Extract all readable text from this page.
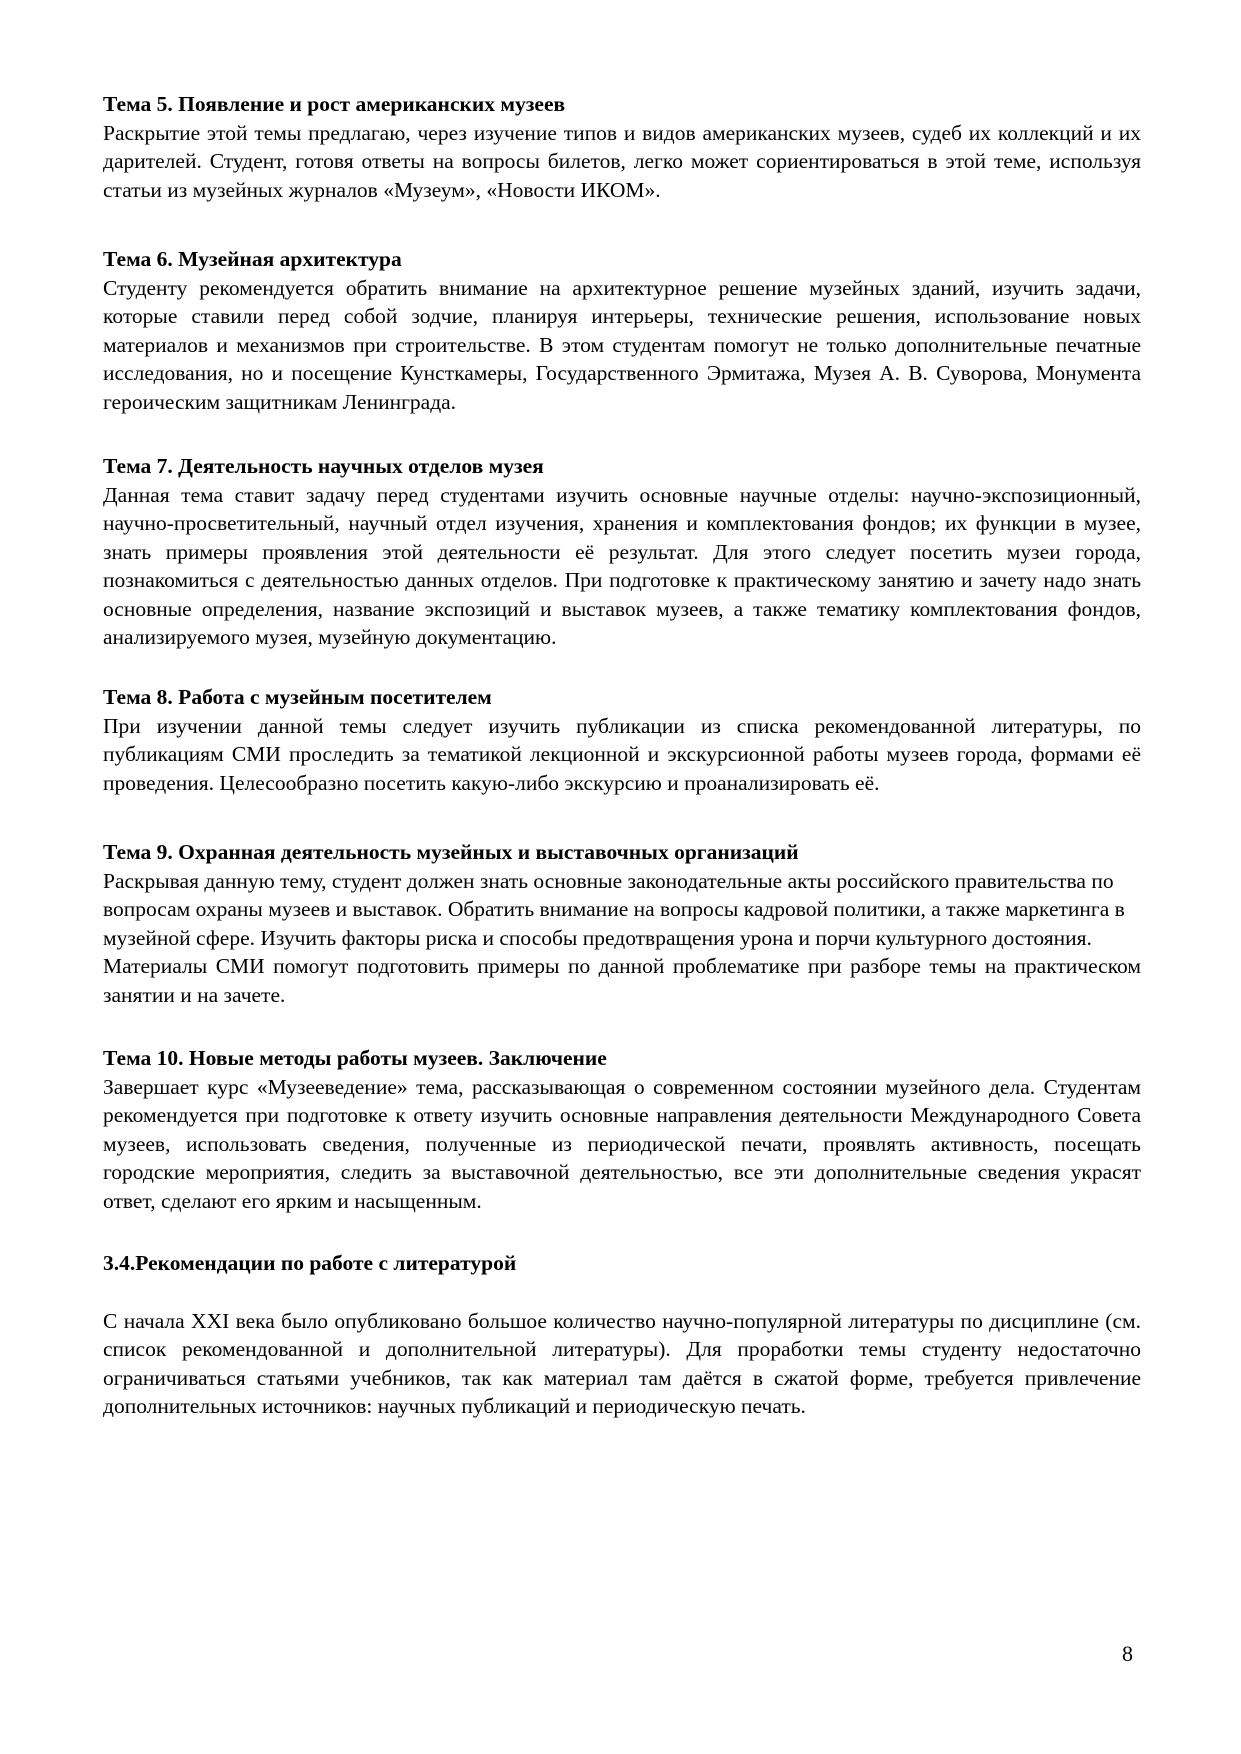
Тема 5. Появление и рост американских музеев

Раскрытие этой темы предлагаю, через изучение типов и видов американских музеев, судеб их коллекций и их дарителей. Студент, готовя ответы на вопросы билетов, легко может сориентироваться в этой теме, используя статьи из музейных журналов «Музеум», «Новости ИКОМ».

Тема 6. Музейная архитектура

Студенту рекомендуется обратить внимание на архитектурное решение музейных зданий, изучить задачи, которые ставили перед собой зодчие, планируя интерьеры, технические решения, использование новых материалов и механизмов при строительстве. В этом студентам помогут не только дополнительные печатные исследования, но и посещение Кунсткамеры, Государственного Эрмитажа, Музея А. В. Суворова, Монумента героическим защитникам Ленинграда.

Тема 7. Деятельность научных отделов музея

Данная тема ставит задачу перед студентами изучить основные научные отделы: научно-экспозиционный, научно-просветительный, научный отдел изучения, хранения и комплектования фондов; их функции в музее, знать примеры проявления этой деятельности её результат. Для этого следует посетить музеи города, познакомиться с деятельностью данных отделов. При подготовке к практическому занятию и зачету надо знать основные определения, название экспозиций и выставок музеев, а также тематику комплектования фондов, анализируемого музея, музейную документацию.

Тема 8. Работа с музейным посетителем

При изучении данной темы следует изучить публикации из списка рекомендованной литературы, по публикациям СМИ проследить за тематикой лекционной и экскурсионной работы музеев города, формами её проведения. Целесообразно посетить какую-либо экскурсию и проанализировать её.

Тема 9. Охранная деятельность музейных и выставочных организаций

Раскрывая данную тему, студент должен знать основные законодательные акты российского правительства по вопросам охраны музеев и выставок. Обратить внимание на вопросы кадровой политики, а также маркетинга в музейной сфере. Изучить факторы риска и способы предотвращения урона и порчи культурного достояния.

Материалы СМИ помогут подготовить примеры по данной проблематике при разборе темы на практическом занятии и на зачете.

Тема 10. Новые методы работы музеев. Заключение

Завершает курс «Музееведение» тема, рассказывающая о современном состоянии музейного дела. Студентам рекомендуется при подготовке к ответу изучить основные направления деятельности Международного Совета музеев, использовать сведения, полученные из периодической печати, проявлять активность, посещать городские мероприятия, следить за выставочной деятельностью, все эти дополнительные сведения украсят ответ, сделают его ярким и насыщенным.

3.4.Рекомендации по работе с литературой

С начала XXI века было опубликовано большое количество научно-популярной литературы по дисциплине (см. список рекомендованной и дополнительной литературы). Для проработки темы студенту недостаточно ограничиваться статьями учебников, так как материал там даётся в сжатой форме, требуется привлечение дополнительных источников: научных публикаций и периодическую печать.

8
